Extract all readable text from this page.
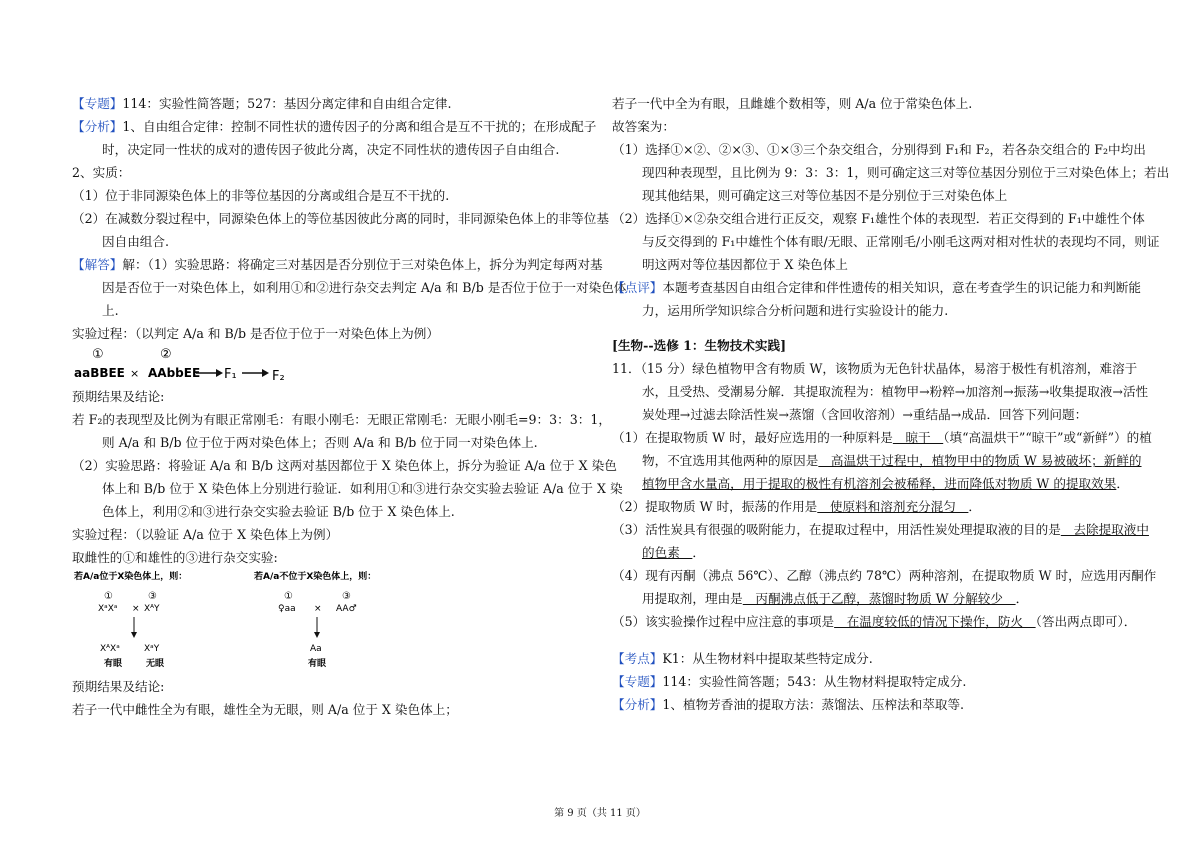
【专题】114：实验性简答题；527：基因分离定律和自由组合定律.
【分析】1、自由组合定律：控制不同性状的遗传因子的分离和组合是互不干扰的；在形成配子
时，决定同一性状的成对的遗传因子彼此分离，决定不同性状的遗传因子自由组合.
2、实质：
（1）位于非同源染色体上的非等位基因的分离或组合是互不干扰的.
（2）在减数分裂过程中，同源染色体上的等位基因彼此分离的同时，非同源染色体上的非等位基
因自由组合.
【解答】解：（1）实验思路：将确定三对基因是否分别位于三对染色体上，拆分为判定每两对基
因是否位于一对染色体上，如利用①和②进行杂交去判定 A/a 和 B/b 是否位于位于一对染色体
上.
实验过程：（以判定 A/a 和 B/b 是否位于位于一对染色体上为例）
①	②
aaBBEE × AAbbEE F₁	F₂
预期结果及结论:
若 F₂的表现型及比例为有眼正常刚毛：有眼小刚毛：无眼正常刚毛：无眼小刚毛=9：3：3：1，
则 A/a 和 B/b 位于位于两对染色体上；否则 A/a 和 B/b 位于同一对染色体上.
（2）实验思路：将验证 A/a 和 B/b 这两对基因都位于 X 染色体上，拆分为验证 A/a 位于 X 染色
体上和 B/b 位于 X 染色体上分别进行验证．如利用①和③进行杂交实验去验证 A/a 位于 X 染
色体上，利用②和③进行杂交实验去验证 B/b 位于 X 染色体上.
实验过程：（以验证 A/a 位于 X 染色体上为例）
取雌性的①和雄性的③进行杂交实验:
若A/a位于X染色体上，则：	若A/a不位于X染色体上，则：
①	③
XᵃXᵃ × XᴬY
XᴬXᵃ	XᵃY
有眼	无眼
①	③
♀aa × AA♂
Aa
有眼
预期结果及结论:
若子一代中雌性全为有眼，雄性全为无眼，则 A/a 位于 X 染色体上；
若子一代中全为有眼，且雌雄个数相等，则 A/a 位于常染色体上.
故答案为：
（1）选择①×②、②×③、①×③三个杂交组合，分别得到 F₁和 F₂，若各杂交组合的 F₂中均出
现四种表现型，且比例为 9：3：3：1，则可确定这三对等位基因分别位于三对染色体上；若出
现其他结果，则可确定这三对等位基因不是分别位于三对染色体上
（2）选择①×②杂交组合进行正反交，观察 F₁雄性个体的表现型．若正交得到的 F₁中雄性个体
与反交得到的 F₁中雄性个体有眼/无眼、正常刚毛/小刚毛这两对相对性状的表现均不同，则证
明这两对等位基因都位于 X 染色体上
【点评】本题考查基因自由组合定律和伴性遗传的相关知识，意在考查学生的识记能力和判断能
力，运用所学知识综合分析问题和进行实验设计的能力.
[生物--选修 1：生物技术实践]
11．（15 分）绿色植物甲含有物质 W，该物质为无色针状晶体，易溶于极性有机溶剂，难溶于
水，且受热、受潮易分解．其提取流程为：植物甲→粉粹→加溶剂→振荡→收集提取液→活性
炭处理→过滤去除活性炭→蒸馏（含回收溶剂）→重结晶→成品．回答下列问题：
（1）在提取物质 W 时，最好应选用的一种原料是　晾干　（填“高温烘干”“晾干”或“新鲜”）的植
物，不宜选用其他两种的原因是　高温烘干过程中，植物甲中的物质 W 易被破坏；新鲜的
植物甲含水量高，用于提取的极性有机溶剂会被稀释，进而降低对物质 W 的提取效果．
（2）提取物质 W 时，振荡的作用是　使原料和溶剂充分混匀　．
（3）活性炭具有很强的吸附能力，在提取过程中，用活性炭处理提取液的目的是　去除提取液中
的色素　．
（4）现有丙酮（沸点 56℃）、乙醇（沸点约 78℃）两种溶剂，在提取物质 W 时，应选用丙酮作
用提取剂，理由是　丙酮沸点低于乙醇，蒸馏时物质 W 分解较少　．
（5）该实验操作过程中应注意的事项是　在温度较低的情况下操作，防火　（答出两点即可）．
【考点】K1：从生物材料中提取某些特定成分.
【专题】114：实验性简答题；543：从生物材料提取特定成分.
【分析】1、植物芳香油的提取方法：蒸馏法、压榨法和萃取等.
第 9 页（共 11 页）
